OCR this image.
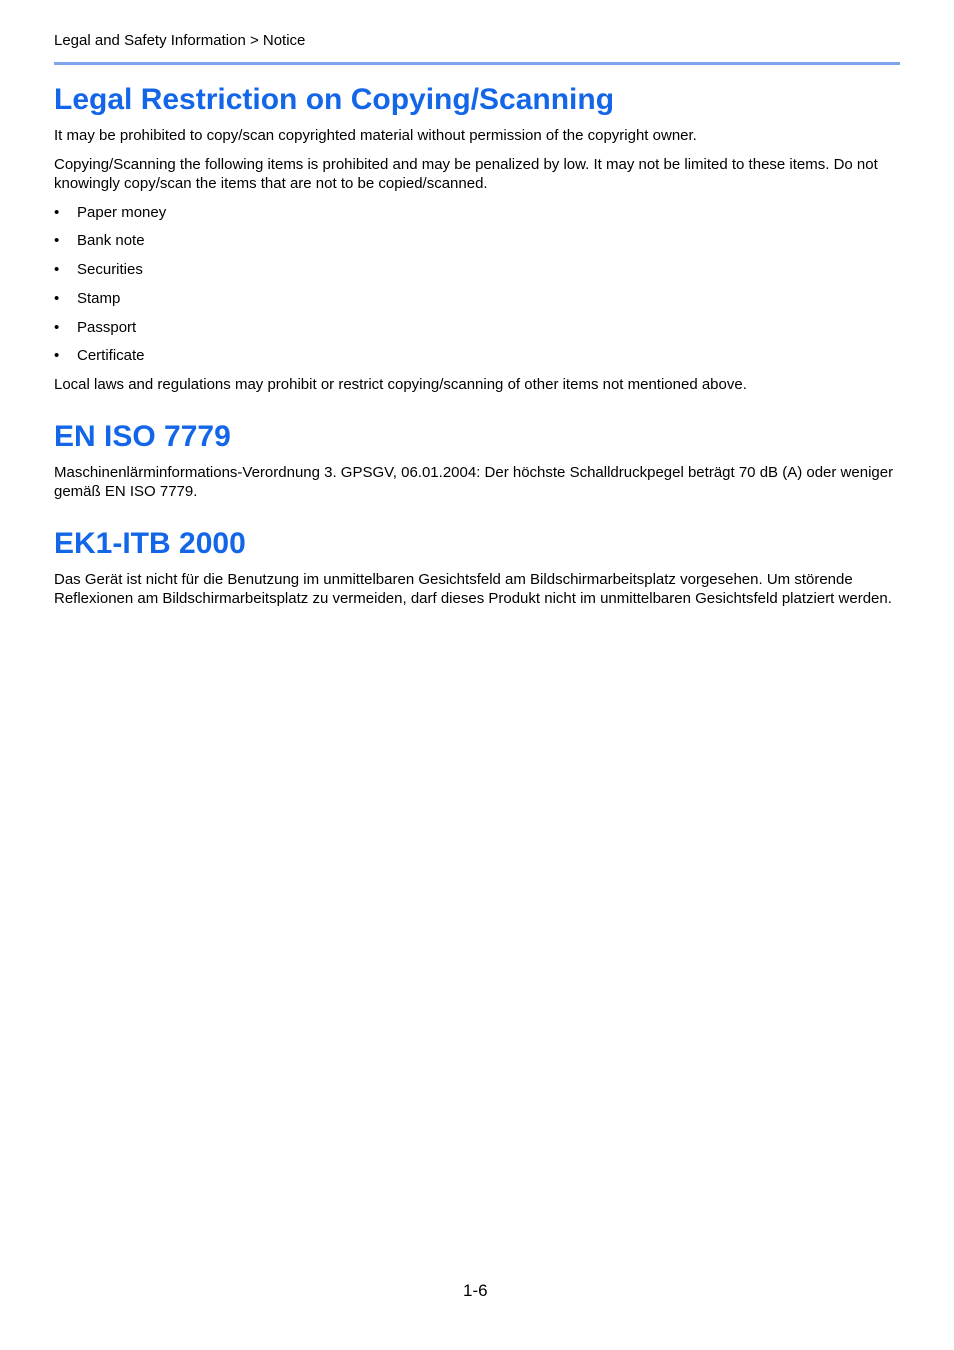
Legal and Safety Information > Notice
Legal Restriction on Copying/Scanning

It may be prohibited to copy/scan copyrighted material without permission of the copyright owner.

Copying/Scanning the following items is prohibited and may be penalized by low. It may not be limited to these items. Do not knowingly copy/scan the items that are not to be copied/scanned.

• Paper money
• Bank note
• Securities
• Stamp
• Passport
• Certificate

Local laws and regulations may prohibit or restrict copying/scanning of other items not mentioned above.

EN ISO 7779

Maschinenlärminformations-Verordnung 3. GPSGV, 06.01.2004: Der höchste Schalldruckpegel beträgt 70 dB (A) oder weniger gemäß EN ISO 7779.

EK1-ITB 2000

Das Gerät ist nicht für die Benutzung im unmittelbaren Gesichtsfeld am Bildschirmarbeitsplatz vorgesehen. Um störende Reflexionen am Bildschirmarbeitsplatz zu vermeiden, darf dieses Produkt nicht im unmittelbaren Gesichtsfeld platziert werden.

1-6
